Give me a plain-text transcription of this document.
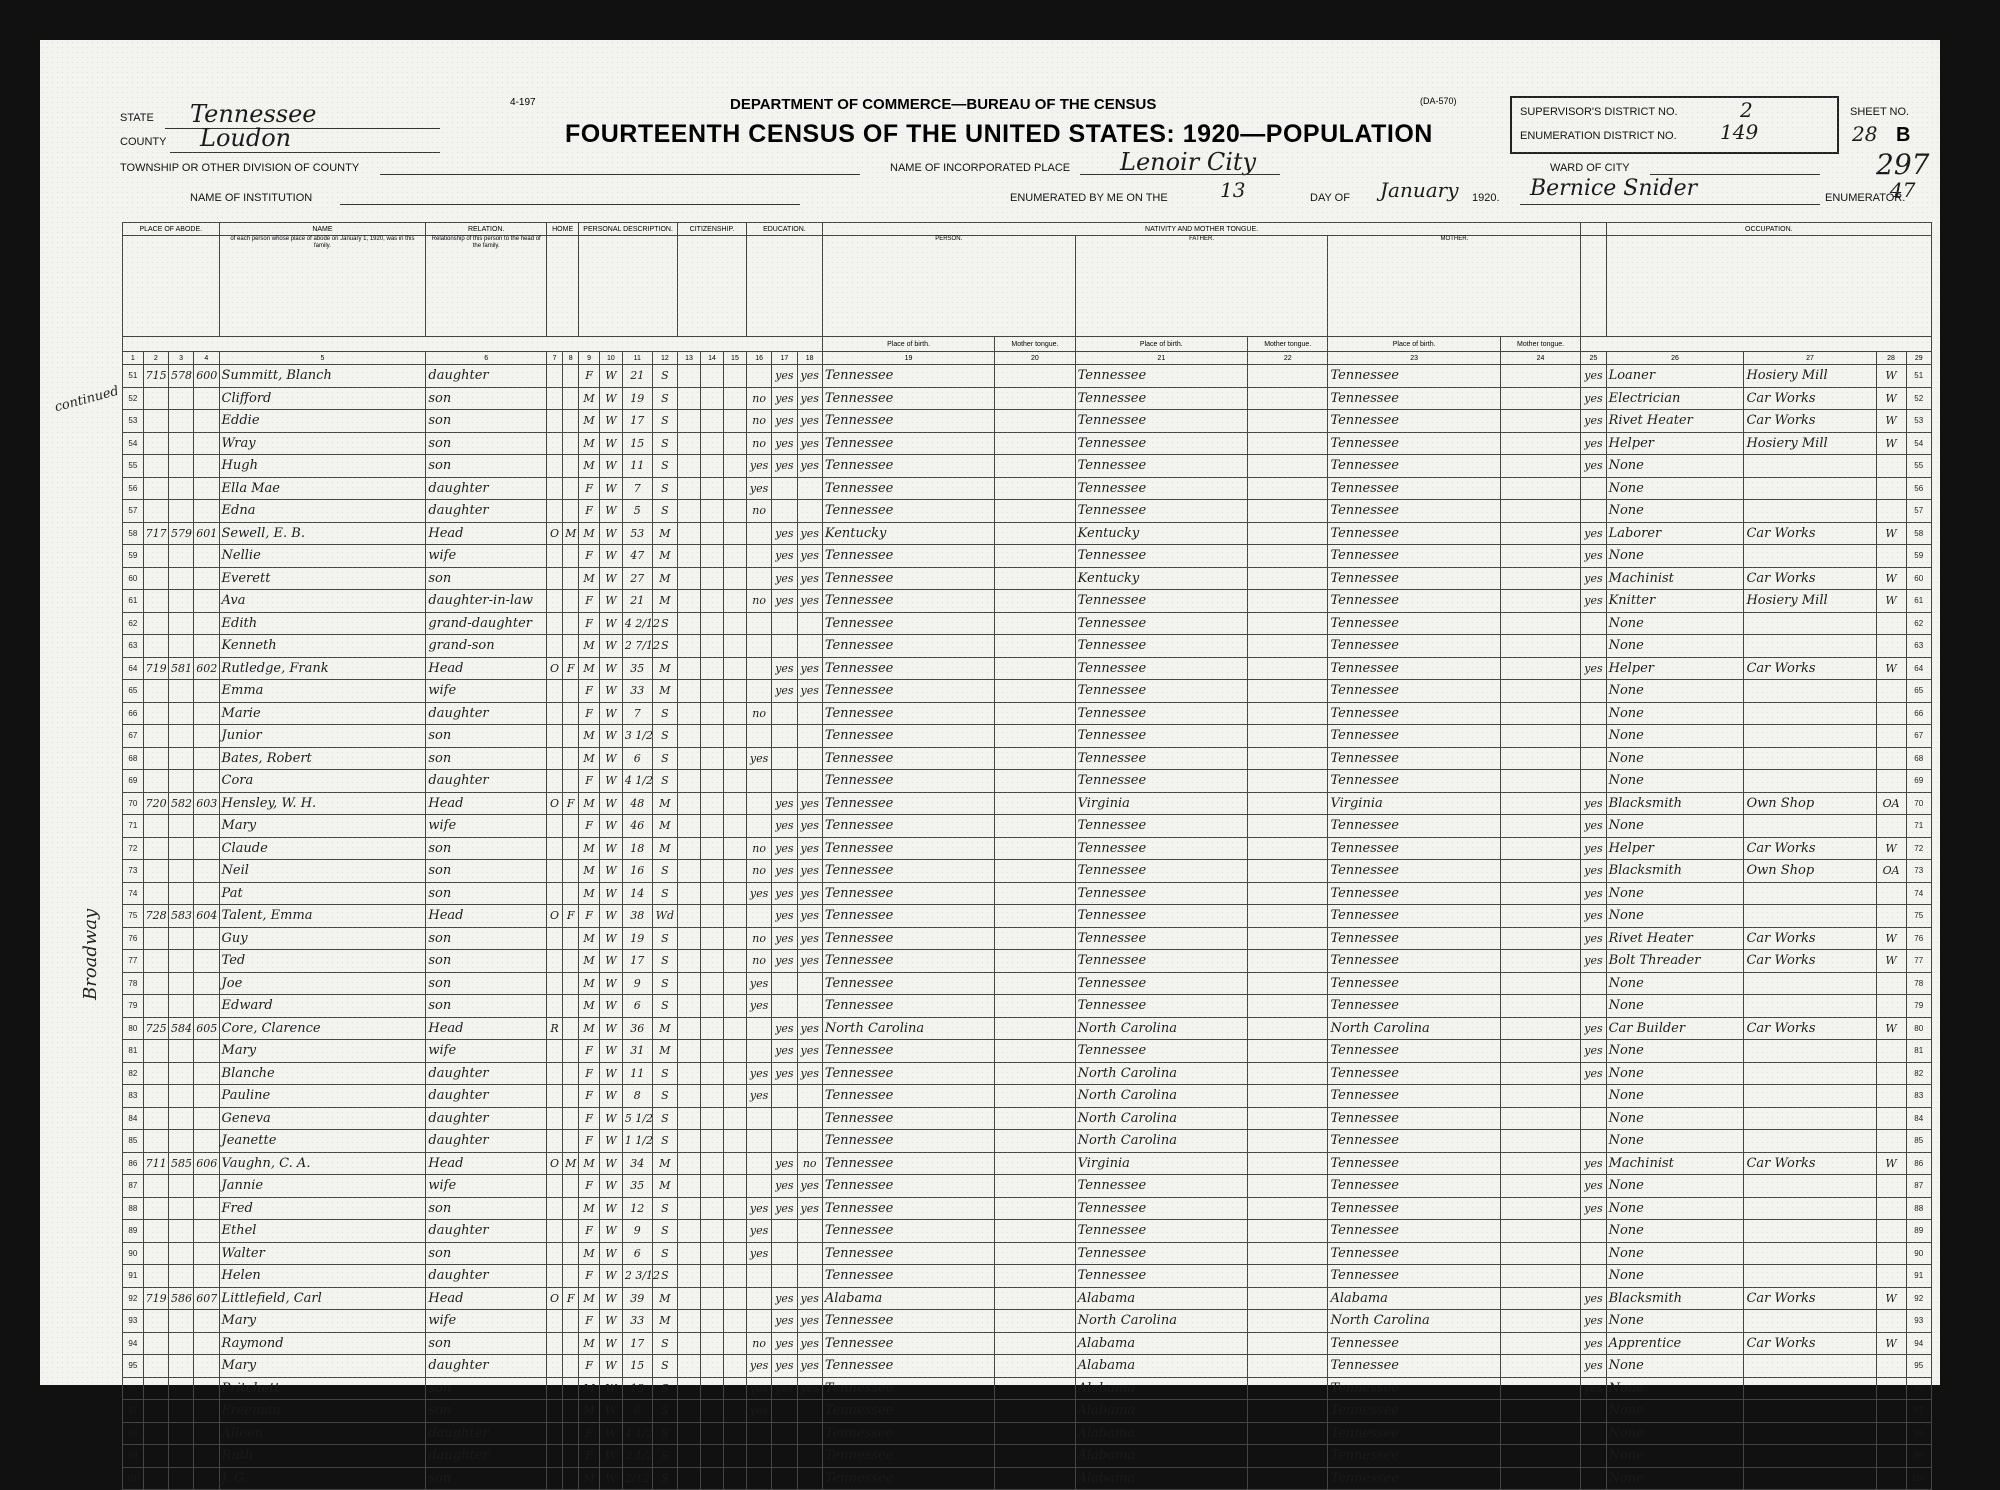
4-197	DEPARTMENT OF COMMERCE—BUREAU OF THE CENSUS	(DA-570)
FOURTEENTH CENSUS OF THE UNITED STATES: 1920—POPULATION
STATE Tennessee
COUNTY Loudon
TOWNSHIP OR OTHER DIVISION OF COUNTY
NAME OF INSTITUTION
NAME OF INCORPORATED PLACE Lenoir City
ENUMERATED BY ME ON THE	13	DAY OF January 1920. Bernice Snider	ENUMERATOR.
SUPERVISOR'S DISTRICT NO.	2
ENUMERATION DISTRICT NO. 149
SHEET NO.
28 B
WARD OF CITY	297
47
continued
Broadway
PLACE OF ABODE.				NAME	RELATION.	HOME		PERSONAL DESCRIPTION.				CITIZENSHIP.			EDUCATION.			NATIVITY AND MOTHER TONGUE.							OCCUPATION.			
				of each person whose place of abode on January 1, 1920, was in this family.	Relationship of this person to the head of the family.													PERSON.		FATHER.		MOTHER.						
																		Place of birth.	Mother tongue.	Place of birth.	Mother tongue.	Place of birth.	Mother tongue.					
1	2	3	4	5	6	7	8	9	10	11	12	13	14	15	16	17	18	19	20	21	22	23	24	25	26	27	28	29
51	715	578	600	Summitt, Blanch	daughter			F	W	21	S					yes	yes	Tennessee		Tennessee		Tennessee		yes	Loaner	Hosiery Mill	W	51
52				Clifford	son			M	W	19	S				no	yes	yes	Tennessee		Tennessee		Tennessee		yes	Electrician	Car Works	W	52
53				Eddie	son			M	W	17	S				no	yes	yes	Tennessee		Tennessee		Tennessee		yes	Rivet Heater	Car Works	W	53
54				Wray	son			M	W	15	S				no	yes	yes	Tennessee		Tennessee		Tennessee		yes	Helper	Hosiery Mill	W	54
55				Hugh	son			M	W	11	S				yes	yes	yes	Tennessee		Tennessee		Tennessee		yes	None			55
56				Ella Mae	daughter			F	W	7	S				yes			Tennessee		Tennessee		Tennessee			None			56
57				Edna	daughter			F	W	5	S				no			Tennessee		Tennessee		Tennessee			None			57
58	717	579	601	Sewell, E. B.	Head	O	M	M	W	53	M					yes	yes	Kentucky		Kentucky		Tennessee		yes	Laborer	Car Works	W	58
59				Nellie	wife			F	W	47	M					yes	yes	Tennessee		Tennessee		Tennessee		yes	None			59
60				Everett	son			M	W	27	M					yes	yes	Tennessee		Kentucky		Tennessee		yes	Machinist	Car Works	W	60
61				Ava	daughter-in-law			F	W	21	M				no	yes	yes	Tennessee		Tennessee		Tennessee		yes	Knitter	Hosiery Mill	W	61
62				Edith	grand-daughter			F	W	4 2/12	S							Tennessee		Tennessee		Tennessee			None			62
63				Kenneth	grand-son			M	W	2 7/12	S							Tennessee		Tennessee		Tennessee			None			63
64	719	581	602	Rutledge, Frank	Head	O	F	M	W	35	M					yes	yes	Tennessee		Tennessee		Tennessee		yes	Helper	Car Works	W	64
65				Emma	wife			F	W	33	M					yes	yes	Tennessee		Tennessee		Tennessee			None			65
66				Marie	daughter			F	W	7	S				no			Tennessee		Tennessee		Tennessee			None			66
67				Junior	son			M	W	3 1/2	S							Tennessee		Tennessee		Tennessee			None			67
68				Bates, Robert	son			M	W	6	S				yes			Tennessee		Tennessee		Tennessee			None			68
69				Cora	daughter			F	W	4 1/2	S							Tennessee		Tennessee		Tennessee			None			69
70	720	582	603	Hensley, W. H.	Head	O	F	M	W	48	M					yes	yes	Tennessee		Virginia		Virginia		yes	Blacksmith	Own Shop	OA	70
71				Mary	wife			F	W	46	M					yes	yes	Tennessee		Tennessee		Tennessee		yes	None			71
72				Claude	son			M	W	18	M				no	yes	yes	Tennessee		Tennessee		Tennessee		yes	Helper	Car Works	W	72
73				Neil	son			M	W	16	S				no	yes	yes	Tennessee		Tennessee		Tennessee		yes	Blacksmith	Own Shop	OA	73
74				Pat	son			M	W	14	S				yes	yes	yes	Tennessee		Tennessee		Tennessee		yes	None			74
75	728	583	604	Talent, Emma	Head	O	F	F	W	38	Wd					yes	yes	Tennessee		Tennessee		Tennessee		yes	None			75
76				Guy	son			M	W	19	S				no	yes	yes	Tennessee		Tennessee		Tennessee		yes	Rivet Heater	Car Works	W	76
77				Ted	son			M	W	17	S				no	yes	yes	Tennessee		Tennessee		Tennessee		yes	Bolt Threader	Car Works	W	77
78				Joe	son			M	W	9	S				yes			Tennessee		Tennessee		Tennessee			None			78
79				Edward	son			M	W	6	S				yes			Tennessee		Tennessee		Tennessee			None			79
80	725	584	605	Core, Clarence	Head	R		M	W	36	M					yes	yes	North Carolina		North Carolina		North Carolina		yes	Car Builder	Car Works	W	80
81				Mary	wife			F	W	31	M					yes	yes	Tennessee		Tennessee		Tennessee		yes	None			81
82				Blanche	daughter			F	W	11	S				yes	yes	yes	Tennessee		North Carolina		Tennessee		yes	None			82
83				Pauline	daughter			F	W	8	S				yes			Tennessee		North Carolina		Tennessee			None			83
84				Geneva	daughter			F	W	5 1/2	S							Tennessee		North Carolina		Tennessee			None			84
85				Jeanette	daughter			F	W	1 1/2	S							Tennessee		North Carolina		Tennessee			None			85
86	711	585	606	Vaughn, C. A.	Head	O	M	M	W	34	M					yes	no	Tennessee		Virginia		Tennessee		yes	Machinist	Car Works	W	86
87				Jannie	wife			F	W	35	M					yes	yes	Tennessee		Tennessee		Tennessee		yes	None			87
88				Fred	son			M	W	12	S				yes	yes	yes	Tennessee		Tennessee		Tennessee		yes	None			88
89				Ethel	daughter			F	W	9	S				yes			Tennessee		Tennessee		Tennessee			None			89
90				Walter	son			M	W	6	S				yes			Tennessee		Tennessee		Tennessee			None			90
91				Helen	daughter			F	W	2 3/12	S							Tennessee		Tennessee		Tennessee			None			91
92	719	586	607	Littlefield, Carl	Head	O	F	M	W	39	M					yes	yes	Alabama		Alabama		Alabama		yes	Blacksmith	Car Works	W	92
93				Mary	wife			F	W	33	M					yes	yes	Tennessee		North Carolina		North Carolina		yes	None			93
94				Raymond	son			M	W	17	S				no	yes	yes	Tennessee		Alabama		Tennessee		yes	Apprentice	Car Works	W	94
95				Mary	daughter			F	W	15	S				yes	yes	yes	Tennessee		Alabama		Tennessee		yes	None			95
96				Pritchett	son			M	W	13	S				yes	yes	yes	Tennessee		Alabama		Tennessee		yes	None			96
97				Freeman	son			M	W	6	S				yes			Tennessee		Alabama		Tennessee			None			97
98				Alleen	daughter			F	W	4 1/2	S							Tennessee		Alabama		Tennessee			None			98
99				Ruth	daughter			F	W	2 1/2	S							Tennessee		Alabama		Tennessee			None			99
100				J. G.	son			M	W	2/12	S							Tennessee		Alabama		Tennessee			None			100
